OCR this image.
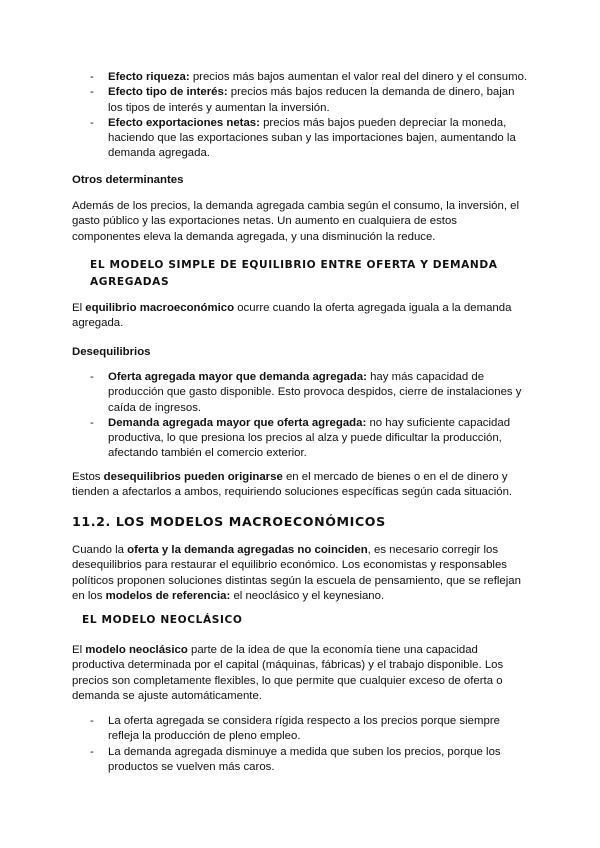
- Efecto riqueza: precios más bajos aumentan el valor real del dinero y el consumo.
- Efecto tipo de interés: precios más bajos reducen la demanda de dinero, bajan los tipos de interés y aumentan la inversión.
- Efecto exportaciones netas: precios más bajos pueden depreciar la moneda, haciendo que las exportaciones suban y las importaciones bajen, aumentando la demanda agregada.
Otros determinantes

Además de los precios, la demanda agregada cambia según el consumo, la inversión, el gasto público y las exportaciones netas. Un aumento en cualquiera de estos componentes eleva la demanda agregada, y una disminución la reduce.

EL MODELO SIMPLE DE EQUILIBRIO ENTRE OFERTA Y DEMANDA AGREGADAS

El equilibrio macroeconómico ocurre cuando la oferta agregada iguala a la demanda agregada.

Desequilibrios
- Oferta agregada mayor que demanda agregada: hay más capacidad de producción que gasto disponible. Esto provoca despidos, cierre de instalaciones y caída de ingresos.
- Demanda agregada mayor que oferta agregada: no hay suficiente capacidad productiva, lo que presiona los precios al alza y puede dificultar la producción, afectando también el comercio exterior.

Estos desequilibrios pueden originarse en el mercado de bienes o en el de dinero y tienden a afectarlos a ambos, requiriendo soluciones específicas según cada situación.

11.2. LOS MODELOS MACROECONÓMICOS

Cuando la oferta y la demanda agregadas no coinciden, es necesario corregir los desequilibrios para restaurar el equilibrio económico. Los economistas y responsables políticos proponen soluciones distintas según la escuela de pensamiento, que se reflejan en los modelos de referencia: el neoclásico y el keynesiano.

EL MODELO NEOCLÁSICO

El modelo neoclásico parte de la idea de que la economía tiene una capacidad productiva determinada por el capital (máquinas, fábricas) y el trabajo disponible. Los precios son completamente flexibles, lo que permite que cualquier exceso de oferta o demanda se ajuste automáticamente.

- La oferta agregada se considera rígida respecto a los precios porque siempre refleja la producción de pleno empleo.
- La demanda agregada disminuye a medida que suben los precios, porque los productos se vuelven más caros.
